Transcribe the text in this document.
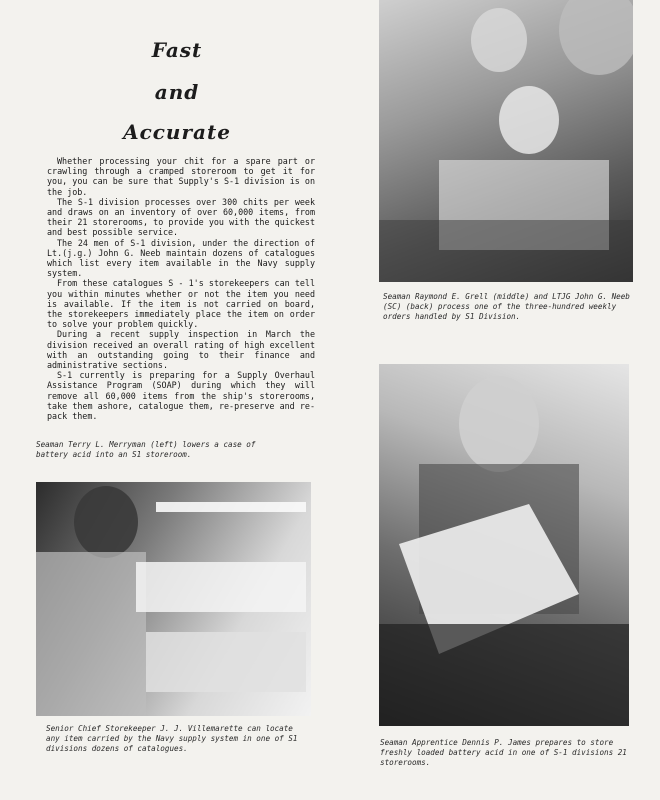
Fast
and
Accurate

Whether processing your chit for a spare part or crawling through a cramped storeroom to get it for you, you can be sure that Supply's S-1 division is on the job.

The S-1 division processes over 300 chits per week and draws on an inventory of over 60,000 items, from their 21 storerooms, to provide you with the quickest and best possible service.

The 24 men of S-1 division, under the direction of Lt.(j.g.) John G. Neeb maintain dozens of catalogues which list every item available in the Navy supply system.

From these catalogues S - 1's storekeepers can tell you within minutes whether or not the item you need is available. If the item is not carried on board, the storekeepers immediately place the item on order to solve your problem quickly.

During a recent supply inspection in March the division received an overall rating of high excellent with an outstanding going to their finance and administrative sections.

S-1 currently is preparing for a Supply Overhaul Assistance Program (SOAP) during which they will remove all 60,000 items from the ship's storerooms, take them ashore, catalogue them, re-preserve and re-pack them.

Seaman Terry L. Merryman (left) lowers a case of battery acid into an S1 storeroom.
Seaman Raymond E. Grell (middle) and LTJG John G. Neeb (SC) (back) process one of the three-hundred weekly orders handled by S1 Division.
Seaman Apprentice Dennis P. James prepares to store freshly loaded battery acid in one of S-1 divisions 21 storerooms.
Senior Chief Storekeeper J. J. Villemarette can locate any item carried by the Navy supply system in one of S1 divisions dozens of catalogues.
